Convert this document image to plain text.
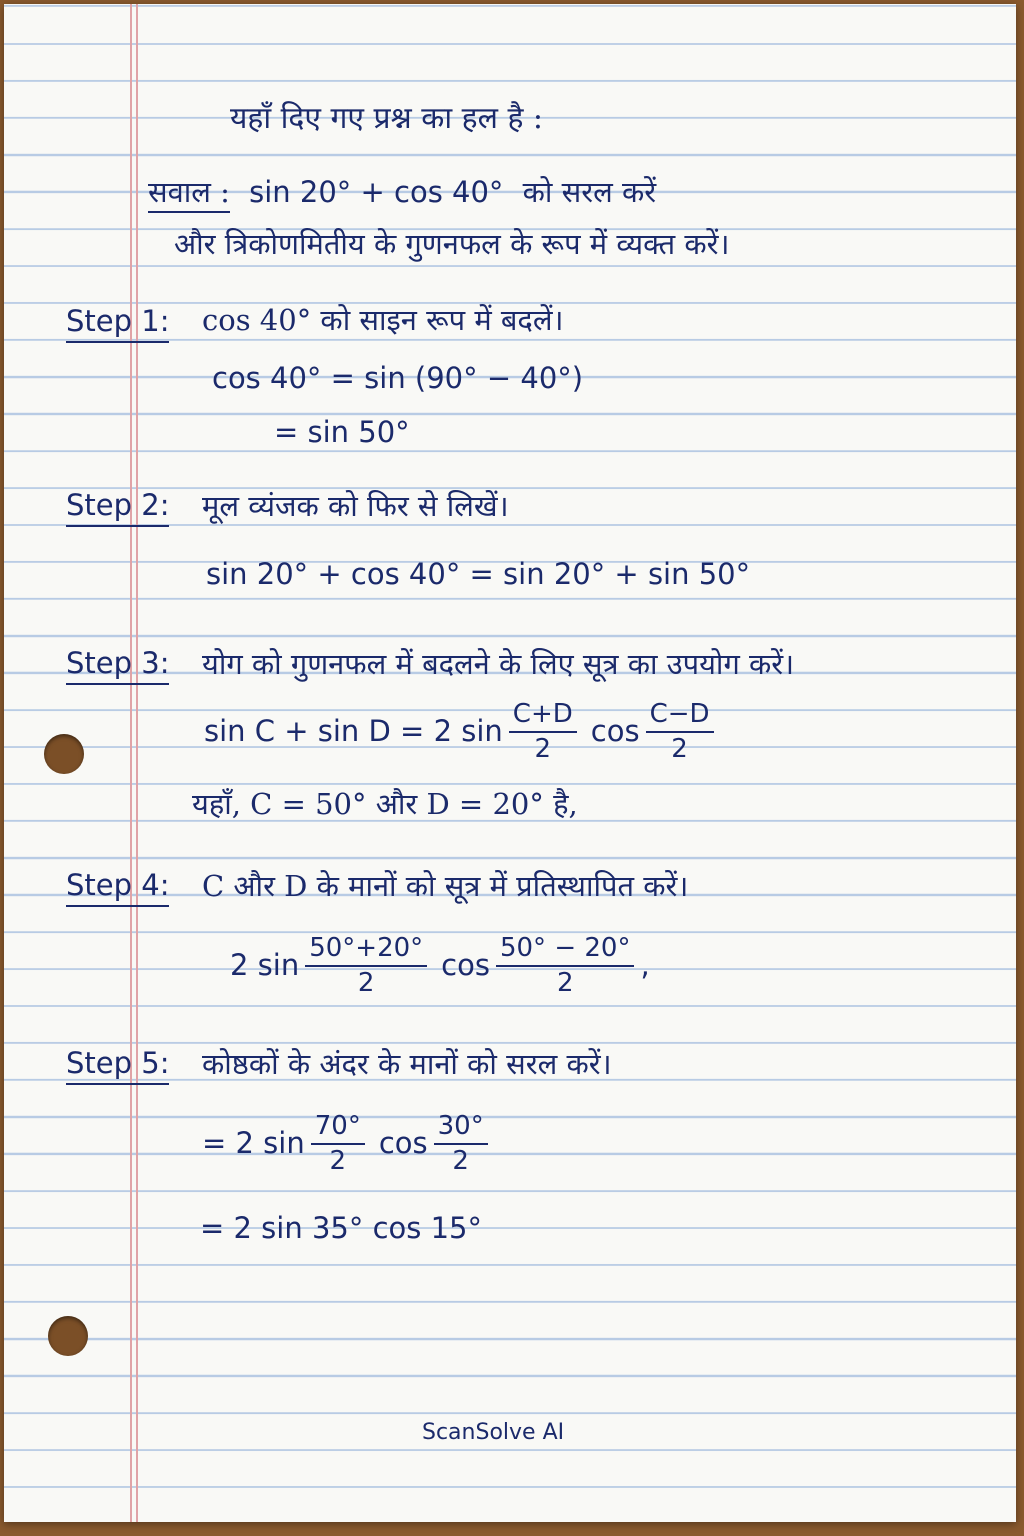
यहाँ दिए गए प्रश्न का हल है :
सवाल : sin 20° + cos 40° को सरल करें
और त्रिकोणमितीय के गुणनफल के रूप में व्यक्त करें।
Step 1: cos 40° को साइन रूप में बदलें।
cos 40° = sin (90° − 40°)
= sin 50°
Step 2: मूल व्यंजक को फिर से लिखें।
sin 20° + cos 40° = sin 20° + sin 50°
Step 3: योग को गुणनफल में बदलने के लिए सूत्र का उपयोग करें।
sin C + sin D = 2 $\sin \frac{C+D}{2}$ $\cos \frac{C-D}{2}$
यहाँ, C = 50° और D = 20° है,
Step 4: C और D के मानों को सूत्र में प्रतिस्थापित करें।
2 $\sin \frac{50^\circ+20^\circ}{2}$ $\cos \frac{50^\circ - 20^\circ}{2}$ ,
Step 5: कोष्ठकों के अंदर के मानों को सरल करें।
= 2 $\sin \frac{70^\circ}{2}$ $\cos \frac{30^\circ}{2}$
= 2 sin 35° cos 15°
ScanSolve AI
